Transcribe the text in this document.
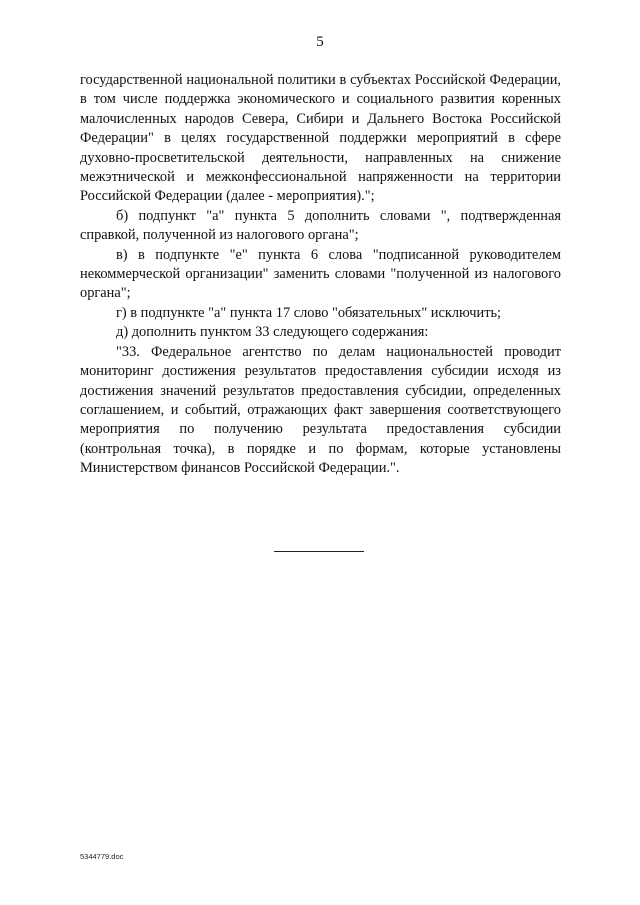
5

государственной национальной политики в субъектах Российской Федерации, в том числе поддержка экономического и социального развития коренных малочисленных народов Севера, Сибири и Дальнего Востока Российской Федерации" в целях государственной поддержки мероприятий в сфере духовно-просветительской деятельности, направленных на снижение межэтнической и межконфессиональной напряженности на территории Российской Федерации (далее - мероприятия).";

б) подпункт "а" пункта 5 дополнить словами ", подтвержденная справкой, полученной из налогового органа";

в) в подпункте "е" пункта 6 слова "подписанной руководителем некоммерческой организации" заменить словами "полученной из налогового органа";

г) в подпункте "а" пункта 17 слово "обязательных" исключить;

д) дополнить пунктом 33 следующего содержания:

"33. Федеральное агентство по делам национальностей проводит мониторинг достижения результатов предоставления субсидии исходя из достижения значений результатов предоставления субсидии, определенных соглашением, и событий, отражающих факт завершения соответствующего мероприятия по получению результата предоставления субсидии (контрольная точка), в порядке и по формам, которые установлены Министерством финансов Российской Федерации.".

5344779.doc
